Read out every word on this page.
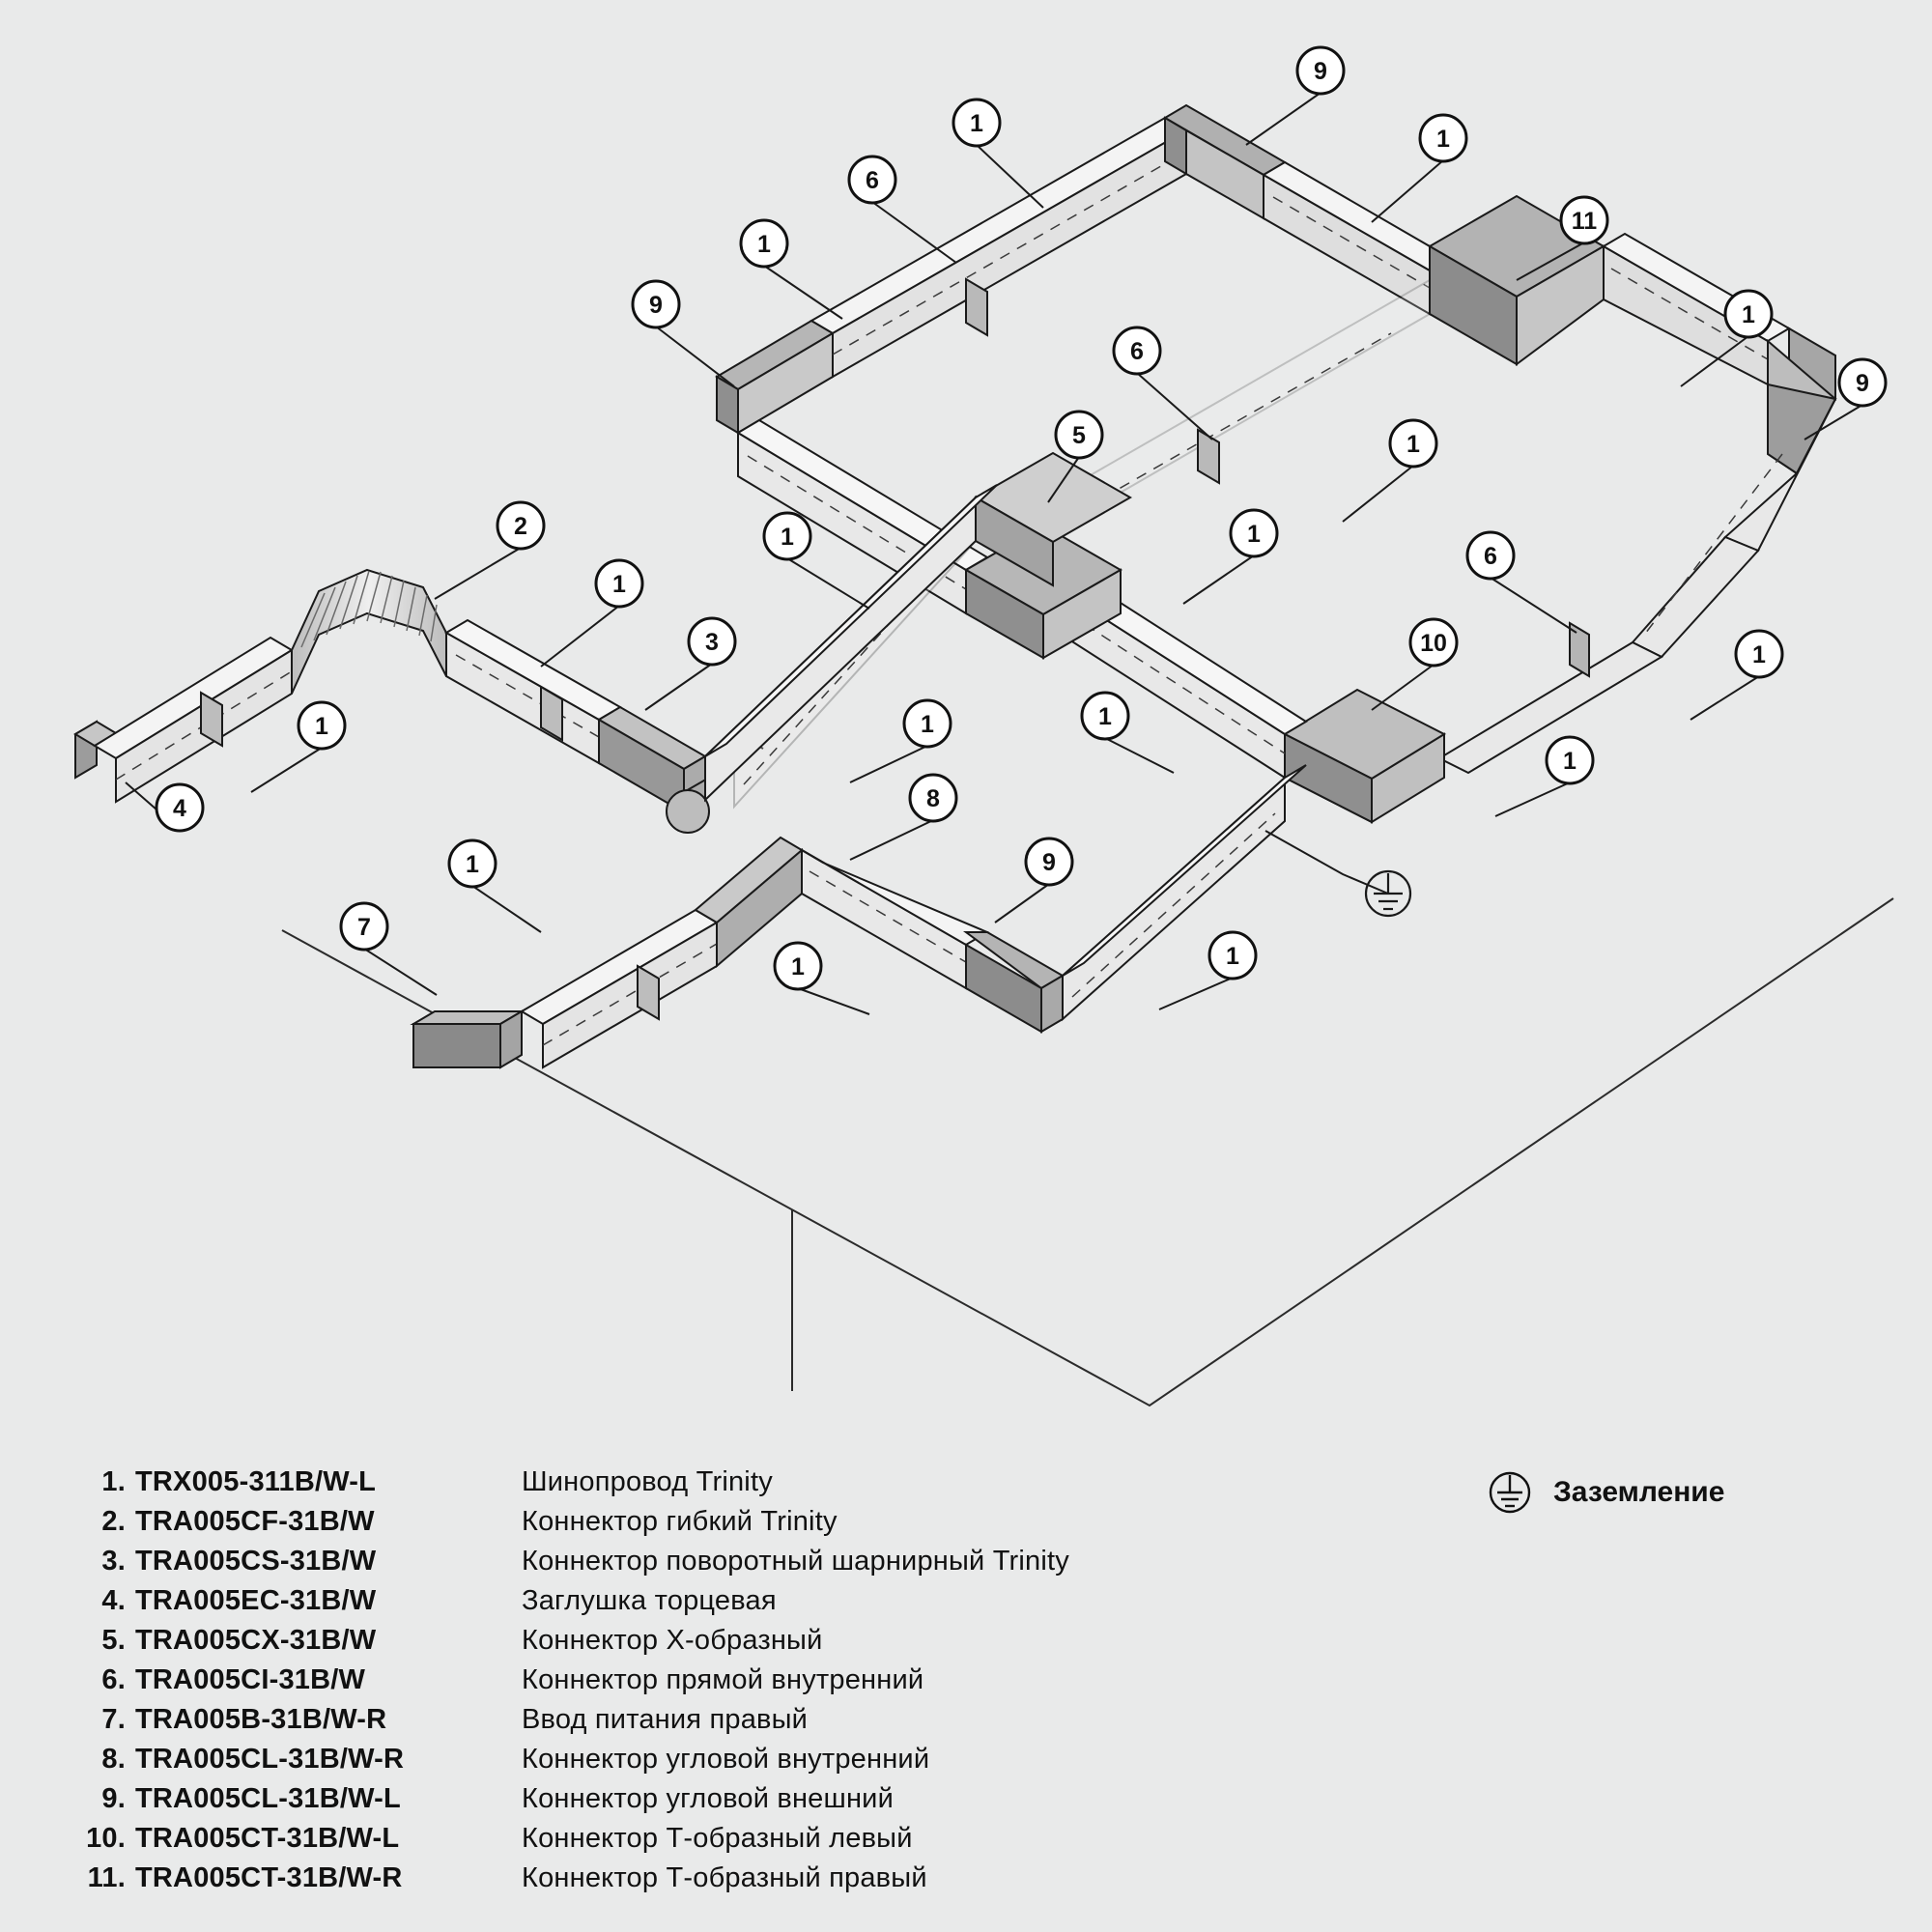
9
1
1
6
11
1
9	1
6
9
5	1
2	1	1
1
6
3	10	1
1	1	1
1
4	8
9
1
7
1	1
1. TRX005-311B/W-L	Шинопровод Trinity
2. TRA005CF-31B/W	Коннектор гибкий Trinity
3. TRA005CS-31B/W	Коннектор поворотный шарнирный Trinity
4. TRA005EC-31B/W	Заглушка торцевая
5. TRA005CX-31B/W	Коннектор X-образный
6. TRA005CI-31B/W	Коннектор прямой внутренний
7. TRA005B-31B/W-R	Ввод питания правый
8. TRA005CL-31B/W-R	Коннектор угловой внутренний
9. TRA005CL-31B/W-L	Коннектор угловой внешний
10. TRA005CT-31B/W-L	Коннектор Т-образный левый
11. TRA005CT-31B/W-R	Коннектор Т-образный правый
Заземление
